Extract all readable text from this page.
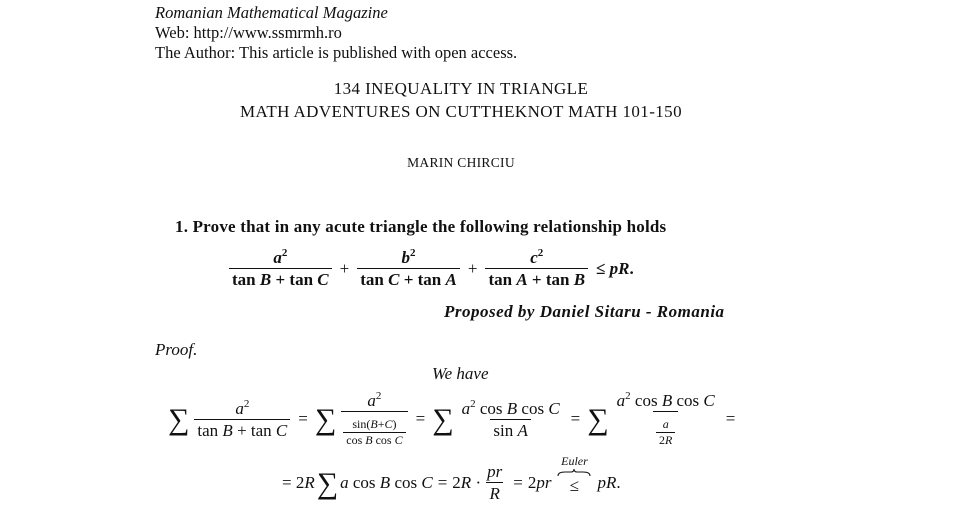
Romanian Mathematical Magazine
Web: http://www.ssmrmh.ro
The Author: This article is published with open access.
134 INEQUALITY IN TRIANGLE
MATH ADVENTURES ON CUTTHEKNOT MATH 101-150
MARIN CHIRCIU
1. Prove that in any acute triangle the following relationship holds
$\frac{a^2}{\text{tan B + tan C}} + \frac{b^2}{\text{tan C + tan A}} + \frac{c^2}{\text{tan A + tan B}}$ ≤ pR.
Proposed by Daniel Sitaru - Romania
Proof.
We have
∑ $\frac{a^2}{\text{tan B + tan C}}$ = ∑ $\frac{a^2}{\frac{\sin(B+C)}{\text{cos B cos C}}}$ = ∑ $\frac{a^2 \cos B \cos C}{\text{sin A}}$ = ∑ $\frac{a^2 \cos B \cos C}{\frac{a}{2R}}$ =
= 2R ∑ a cos B $\cos C = 2R \cdot \frac{pr}{R} = 2pr$
Euler
≤ pR.
